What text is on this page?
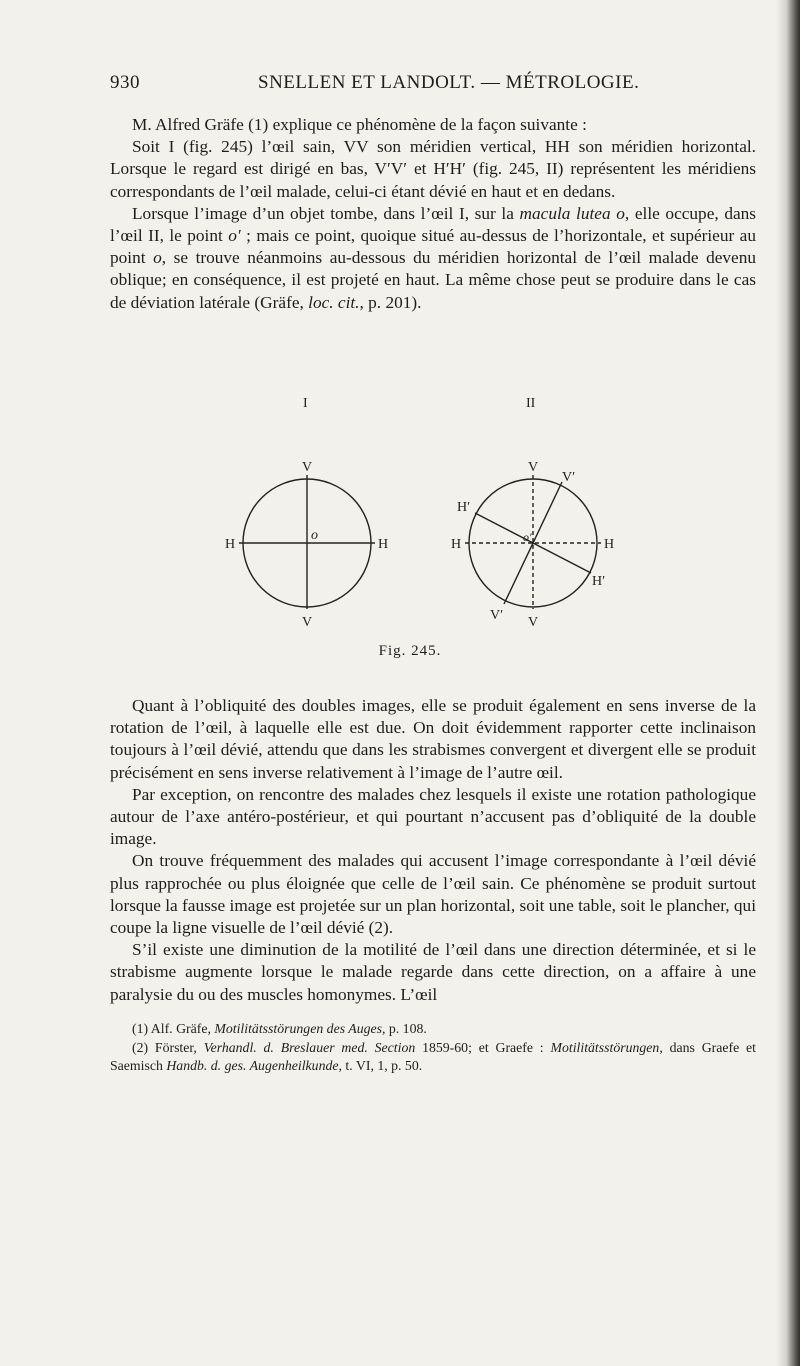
930	SNELLEN ET LANDOLT. — MÉTROLOGIE.

M. Alfred Gräfe (1) explique ce phénomène de la façon suivante :

Soit I (fig. 245) l’œil sain, VV son méridien vertical, HH son méridien horizontal. Lorsque le regard est dirigé en bas, V′V′ et H′H′ (fig. 245, II) représentent les méridiens correspondants de l’œil malade, celui-ci étant dévié en haut et en dedans.

Lorsque l’image d’un objet tombe, dans l’œil I, sur la macula lutea o, elle occupe, dans l’œil II, le point o′ ; mais ce point, quoique situé au-dessus de l’horizontale, et supérieur au point o, se trouve néanmoins au-dessous du méridien horizontal de l’œil malade devenu oblique; en conséquence, il est projeté en haut. La même chose peut se produire dans le cas de déviation latérale (Gräfe, loc. cit., p. 201).

I	II
V
V
H	H
o
V
V′
V
V′
H	H
H′
H′
o′
Fig. 245.

Quant à l’obliquité des doubles images, elle se produit également en sens inverse de la rotation de l’œil, à laquelle elle est due. On doit évidemment rapporter cette inclinaison toujours à l’œil dévié, attendu que dans les strabismes convergent et divergent elle se produit précisément en sens inverse relativement à l’image de l’autre œil.

Par exception, on rencontre des malades chez lesquels il existe une rotation pathologique autour de l’axe antéro-postérieur, et qui pourtant n’accusent pas d’obliquité de la double image.

On trouve fréquemment des malades qui accusent l’image correspondante à l’œil dévié plus rapprochée ou plus éloignée que celle de l’œil sain. Ce phénomène se produit surtout lorsque la fausse image est projetée sur un plan horizontal, soit une table, soit le plancher, qui coupe la ligne visuelle de l’œil dévié (2).

S’il existe une diminution de la motilité de l’œil dans une direction déterminée, et si le strabisme augmente lorsque le malade regarde dans cette direction, on a affaire à une paralysie du ou des muscles homonymes. L’œil

(1) Alf. Gräfe, Motilitätsstörungen des Auges, p. 108.

(2) Förster, Verhandl. d. Breslauer med. Section 1859-60; et Graefe : Motilitätsstörungen, dans Graefe et Saemisch Handb. d. ges. Augenheilkunde, t. VI, 1, p. 50.
